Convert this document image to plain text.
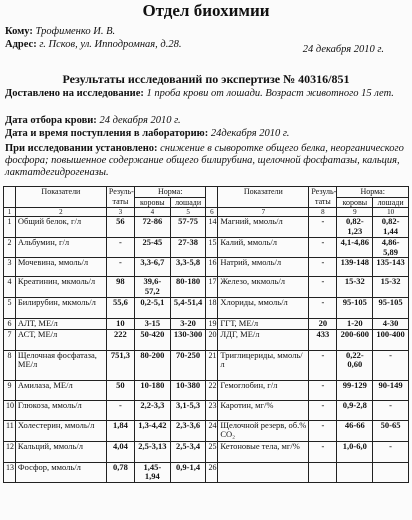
Отдел биохимии
Кому: Трофименко И. В.
Адрес: г. Псков, ул. Ипподромная, д.28.	24 декабря 2010 г.
Результаты исследований по экспертизе № 40316/851
Доставлено на исследование: 1 проба крови от лошади. Возраст животного 15 лет.
Дата отбора крови: 24 декабря 2010 г.
Дата и время поступления в лабораторию: 24декабря 2010 г.
При исследовании установлено: снижение в сыворотке общего белка, неорганического фосфора; повышенное содержание общего билирубина, щелочной фосфатазы, кальция, лактатдегидрогеназы.
	Показатели	Резуль-таты	Норма:			Показатели	Резуль-таты	Норма:	
			коровы	лошади				коровы	лошади
1	2	3	4	5	6	7	8	9	10
1	Общий белок, г/л	56	72-86	57-75	14	Магний, ммоль/л	-	0,82-1,23	0,82-1,44
2	Альбумин, г/л	-	25-45	27-38	15	Калий, ммоль/л	-	4,1-4,86	4,86-5,89
3	Мочевина, ммоль/л	-	3,3-6,7	3,3-5,8	16	Натрий, ммоль/л	-	139-148	135-143
4	Креатинин, мкмоль/л	98	39,6-57,2	80-180	17	Железо, мкмоль/л	-	15-32	15-32
5	Билирубин, мкмоль/л	55,6	0,2-5,1	5,4-51,4	18	Хлориды, ммоль/л	-	95-105	95-105
6	АЛТ, МЕ/л	10	3-15	3-20	19	ГГТ, МЕ/л	20	1-20	4-30
7	АСТ, МЕ/л	222	50-420	130-300	20	ЛДГ, МЕ/л	433	200-600	100-400
8	Щелочная фосфатаза, МЕ/л	751,3	80-200	70-250	21	Триглицериды, ммоль/л	-	0,22-0,60	-
9	Амилаза, МЕ/л	50	10-180	10-380	22	Гемоглобин, г/л	-	99-129	90-149
10	Глюкоза, ммоль/л	-	2,2-3,3	3,1-5,3	23	Каротин, мг/%	-	0,9-2,8	-
11	Холестерин, ммоль/л	1,84	1,3-4,42	2,3-3,6	24	Щелочной резерв, об.% CO₂	-	46-66	50-65
12	Кальций, ммоль/л	4,04	2,5-3,13	2,5-3,4	25	Кетоновые тела, мг/%	-	1,0-6,0	-
13	Фосфор, ммоль/л	0,78	1,45-1,94	0,9-1,4	26				
